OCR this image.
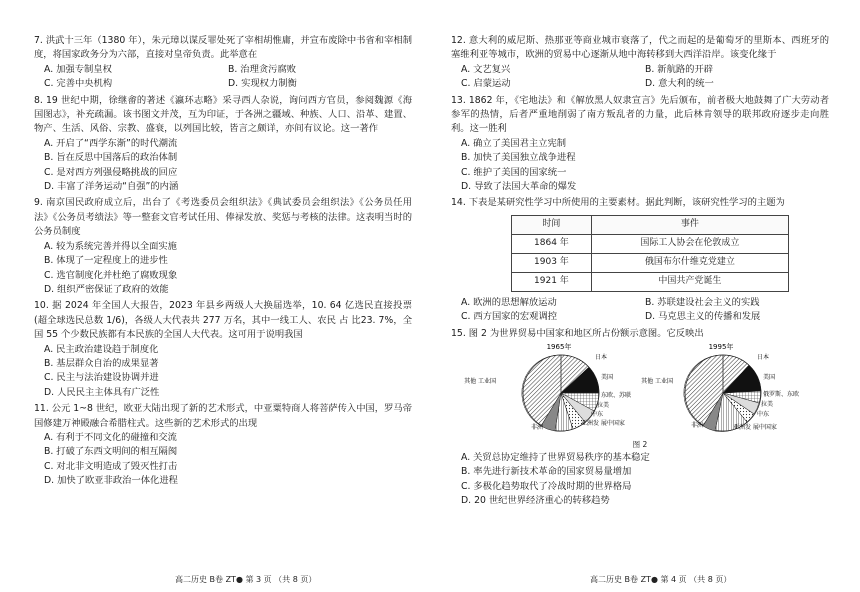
7. 洪武十三年（1380 年），朱元璋以谋反罪处死了宰相胡惟庸，并宣布废除中书省和宰相制度，将国家政务分为六部，直接对皇帝负责。此举意在
A. 加强专制皇权	B. 治理贪污腐败
C. 完善中央机构	D. 实现权力制衡
8. 19 世纪中期，徐继畬的著述《瀛环志略》采寻西人杂说，询问西方官员，参阅魏源《海国图志》，补充疏漏。该书图文并茂，互为印证，于各洲之疆域、种族、人口、沿革、建置、物产、生活、风俗、宗教、盛衰，以列国比较，皆言之颇详，亦间有议论。这一著作
A. 开启了“西学东渐”的时代潮流
B. 旨在反思中国落后的政治体制
C. 是对西方列强侵略挑战的回应
D. 丰富了洋务运动“自强”的内涵
9. 南京国民政府成立后，出台了《考选委员会组织法》《典试委员会组织法》《公务员任用法》《公务员考绩法》等一整套文官考试任用、俸禄发放、奖惩与考核的法律。这表明当时的公务员制度
A. 较为系统完善并得以全面实施
B. 体现了一定程度上的进步性
C. 选官制度化并杜绝了腐败现象
D. 组织严密保证了政府的效能
10. 据 2024 年全国人大报告，2023 年县乡两级人大换届选举，10. 64 亿选民直接投票(超全球选民总数 1/6)，各级人大代表共 277 万名，其中一线工人、农民 占 比23. 7%，全国 55 个少数民族都有本民族的全国人大代表。这可用于说明我国
A. 民主政治建设趋于制度化
B. 基层群众自治的成果显著
C. 民主与法治建设协调并进
D. 人民民主主体具有广泛性
11. 公元 1~8 世纪，欧亚大陆出现了新的艺术形式，中亚粟特商人将菩萨传入中国，罗马帝国修建万神殿融合希腊柱式。这些新的艺术形式的出现
A. 有利于不同文化的碰撞和交流
B. 打破了东西文明间的相互隔阂
C. 对北非文明造成了毁灭性打击
D. 加快了欧亚非政治一体化进程
12. 意大利的威尼斯、热那亚等商业城市衰落了，代之而起的是葡萄牙的里斯本、西班牙的塞维利亚等城市，欧洲的贸易中心逐渐从地中海转移到大西洋沿岸。该变化缘于
A. 文艺复兴	B. 新航路的开辟
C. 启蒙运动	D. 意大利的统一
13. 1862 年，《宅地法》和《解放黑人奴隶宣言》先后颁布，前者极大地鼓舞了广大劳动者参军的热情，后者严重地削弱了南方叛乱者的力量，此后林肯领导的联邦政府逐步走向胜利。这一胜利
A. 确立了美国君主立宪制
B. 加快了美国独立战争进程
C. 维护了美国的国家统一
D. 导致了法国大革命的爆发
14. 下表是某研究性学习中所使用的主要素材。据此判断，该研究性学习的主题为
时间	事件
1864 年	国际工人协会在伦敦成立
1903 年	俄国布尔什维克党建立
1921 年	中国共产党诞生
A. 欧洲的思想解放运动	B. 苏联建设社会主义的实践
C. 西方国家的宏观调控	D. 马克思主义的传播和发展
15. 图 2 为世界贸易中国家和地区所占份额示意图。它反映出
1965年
其他 工业国
日本
美国
东欧、苏联
拉美
中东
亚洲发 展中国家
非洲
1995年
其他 工业国
日本
美国
俄罗斯、东欧
拉美
中东
亚洲发 展中国家
非洲
图 2
A. 关贸总协定维持了世界贸易秩序的基本稳定
B. 率先进行新技术革命的国家贸易量增加
C. 多极化趋势取代了冷战时期的世界格局
D. 20 世纪世界经济重心的转移趋势
高二历史 B卷 ZT● 第 3 页 （共 8 页）	高二历史 B卷 ZT● 第 4 页 （共 8 页）
